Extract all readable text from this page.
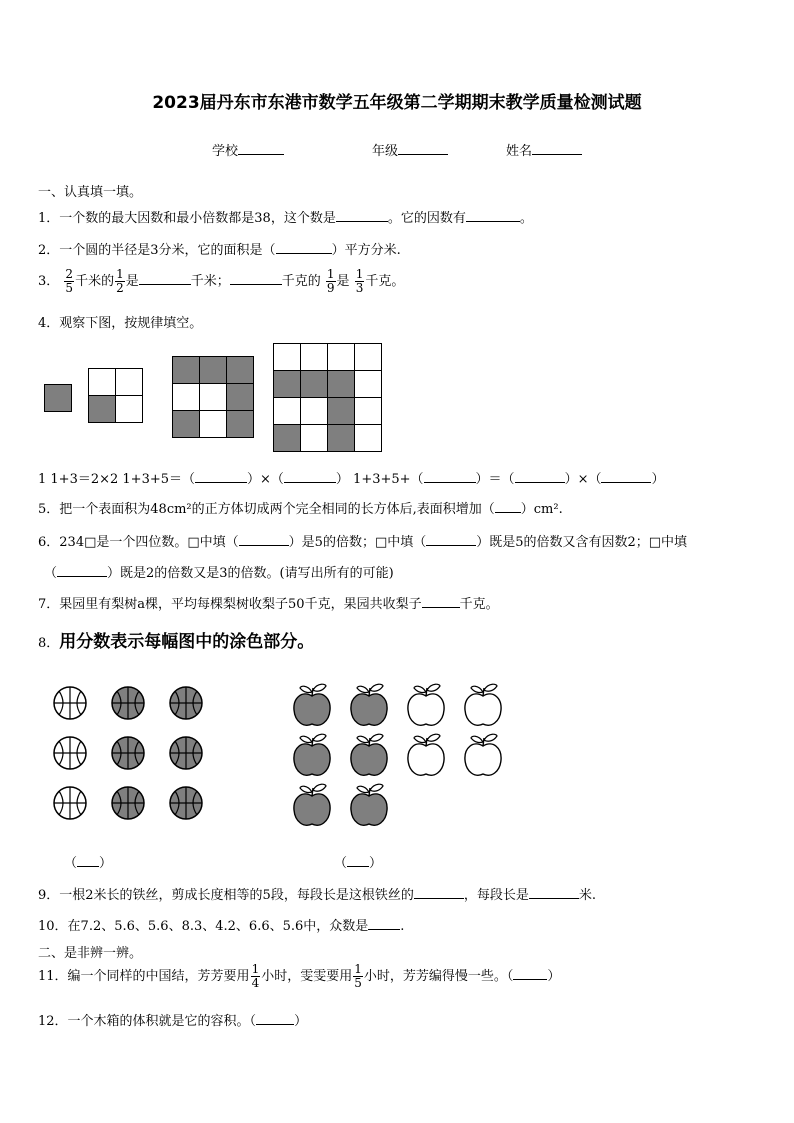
2023届丹东市东港市数学五年级第二学期期末教学质量检测试题
学校	年级	姓名
一、认真填一填。
1．一个数的最大因数和最小倍数都是38，这个数是	。它的因数有	。
2．一个圆的半径是3分米，它的面积是（	）平方分米.
3． $\frac{2}{5}$ 千米的 $\frac{1}{2}$ 是	千米；	千克的 $\frac{1}{9}$ 是 $\frac{1}{3}$ 千克。
4．观察下图，按规律填空。

1 1+3＝2×2 1+3+5＝（	）×（	） 1+3+5+（	）＝（	）×（	）
5．把一个表面积为48cm²的正方体切成两个完全相同的长方体后,表面积增加（ ）cm².
6．234□是一个四位数。□中填（	）是5的倍数；□中填（	）既是5的倍数又含有因数2；□中填
（	）既是2的倍数又是3的倍数。(请写出所有的可能)
7．果园里有梨树a棵，平均每棵梨树收梨子50千克，果园共收梨子	千克。
8．用分数表示每幅图中的涂色部分。
（ ）	（ ）
9．一根2米长的铁丝，剪成长度相等的5段，每段长是这根铁丝的	，每段长是	米.
10．在7.2、5.6、5.6、8.3、4.2、6.6、5.6中，众数是 .
二、是非辨一辨。
11．编一个同样的中国结，芳芳要用 $\frac{1}{4}$ 小时，雯雯要用 $\frac{1}{5}$ 小时，芳芳编得慢一些。（	）
12．一个木箱的体积就是它的容积。（	）
